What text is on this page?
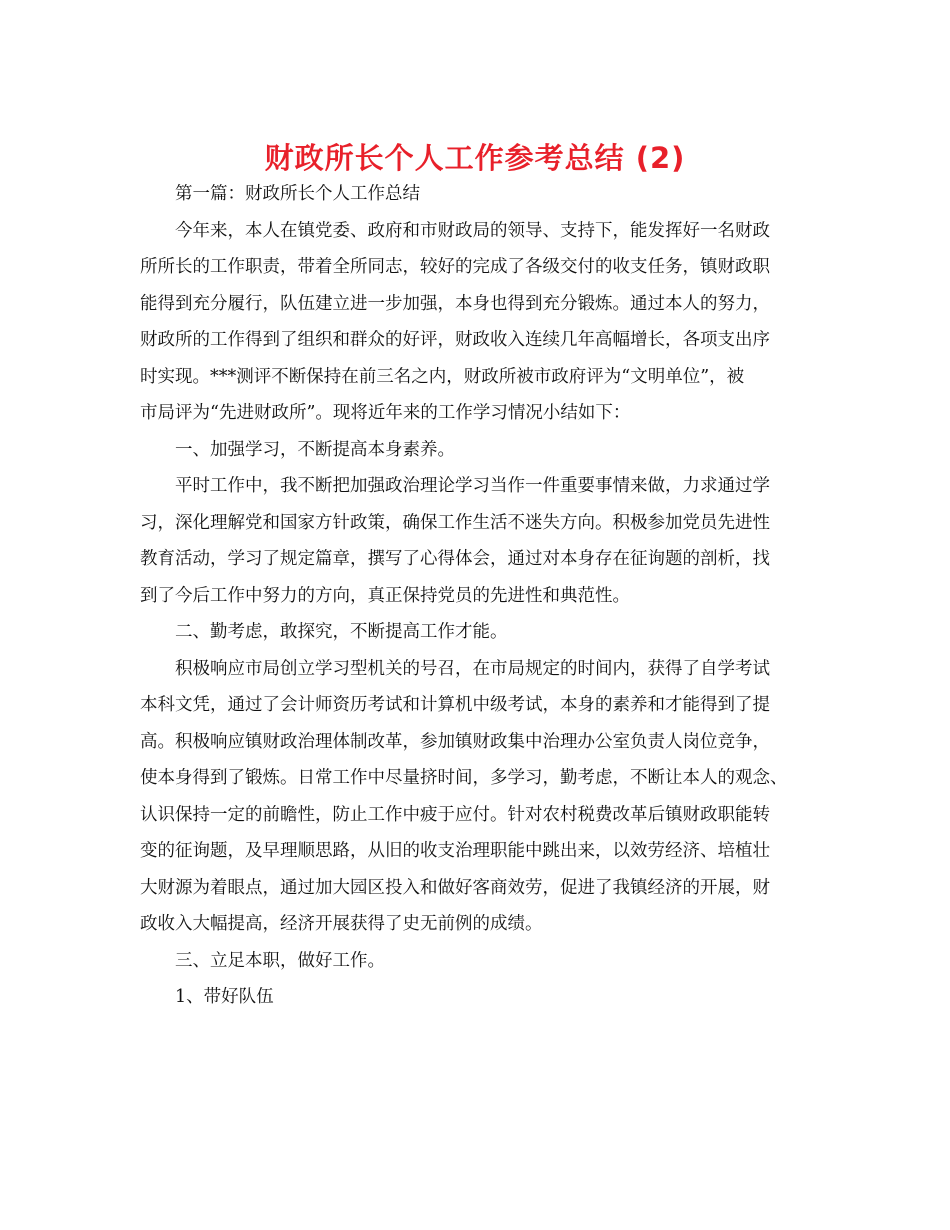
财政所长个人工作参考总结 (2)
第一篇：财政所长个人工作总结
今年来，本人在镇党委、政府和市财政局的领导、支持下，能发挥好一名财政
所所长的工作职责，带着全所同志，较好的完成了各级交付的收支任务，镇财政职
能得到充分履行，队伍建立进一步加强，本身也得到充分锻炼。通过本人的努力，
财政所的工作得到了组织和群众的好评，财政收入连续几年高幅增长，各项支出序
时实现。***测评不断保持在前三名之内，财政所被市政府评为“文明单位”，被
市局评为“先进财政所”。现将近年来的工作学习情况小结如下：
一、加强学习，不断提高本身素养。
平时工作中，我不断把加强政治理论学习当作一件重要事情来做，力求通过学
习，深化理解党和国家方针政策，确保工作生活不迷失方向。积极参加党员先进性
教育活动，学习了规定篇章，撰写了心得体会，通过对本身存在征询题的剖析，找
到了今后工作中努力的方向，真正保持党员的先进性和典范性。
二、勤考虑，敢探究，不断提高工作才能。
积极响应市局创立学习型机关的号召，在市局规定的时间内，获得了自学考试
本科文凭，通过了会计师资历考试和计算机中级考试，本身的素养和才能得到了提
高。积极响应镇财政治理体制改革，参加镇财政集中治理办公室负责人岗位竞争，
使本身得到了锻炼。日常工作中尽量挤时间，多学习，勤考虑，不断让本人的观念、
认识保持一定的前瞻性，防止工作中疲于应付。针对农村税费改革后镇财政职能转
变的征询题，及早理顺思路，从旧的收支治理职能中跳出来，以效劳经济、培植壮
大财源为着眼点，通过加大园区投入和做好客商效劳，促进了我镇经济的开展，财
政收入大幅提高，经济开展获得了史无前例的成绩。
三、立足本职，做好工作。
1、带好队伍
